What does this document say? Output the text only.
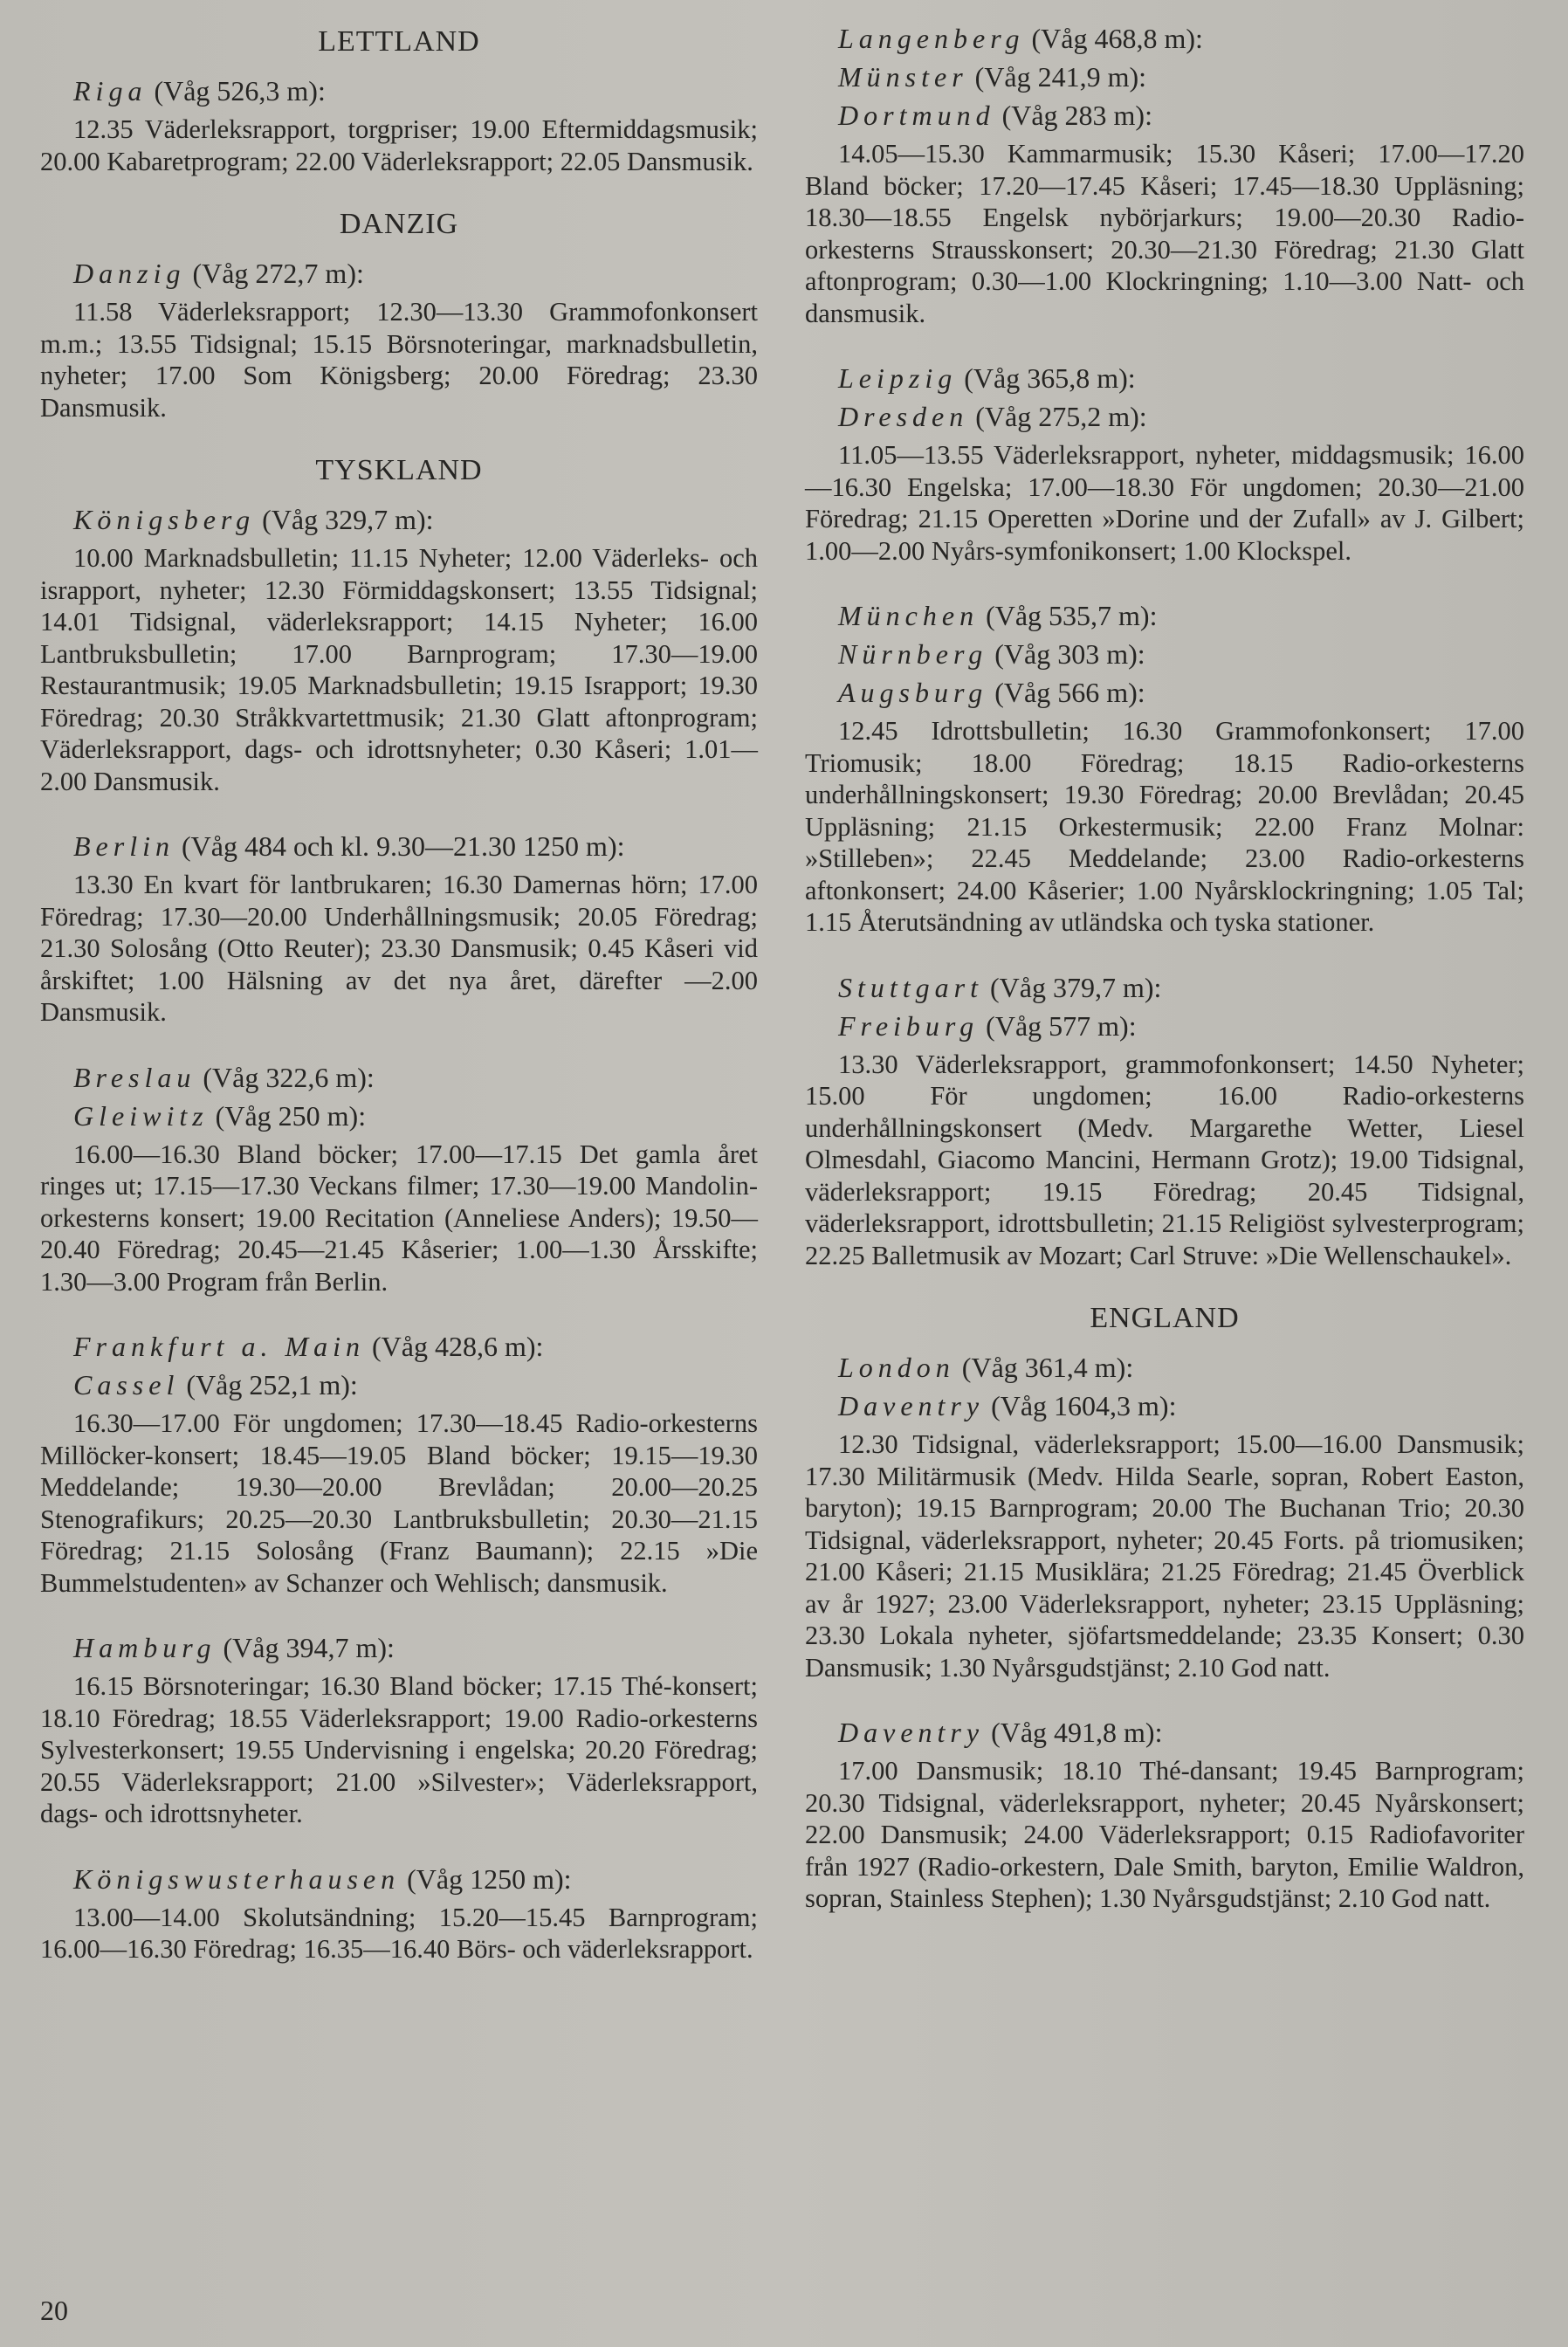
LETTLAND
Riga (Våg 526,3 m):

12.35 Väderleksrapport, torgpriser; 19.00 Eftermiddagsmusik; 20.00 Kabaretprogram; 22.00 Väderleksrapport; 22.05 Dansmusik.

DANZIG
Danzig (Våg 272,7 m):

11.58 Väderleksrapport; 12.30—13.30 Grammofonkonsert m.m.; 13.55 Tidsignal; 15.15 Börsnoteringar, marknadsbulletin, nyheter; 17.00 Som Königsberg; 20.00 Föredrag; 23.30 Dansmusik.

TYSKLAND
Königsberg (Våg 329,7 m):

10.00 Marknadsbulletin; 11.15 Nyheter; 12.00 Väderleks- och israpport, nyheter; 12.30 Förmiddagskonsert; 13.55 Tidsignal; 14.01 Tidsignal, väderleksrapport; 14.15 Nyheter; 16.00 Lantbruksbulletin; 17.00 Barnprogram; 17.30—19.00 Restaurantmusik; 19.05 Marknadsbulletin; 19.15 Israpport; 19.30 Föredrag; 20.30 Stråkkvartettmusik; 21.30 Glatt aftonprogram; Väderleksrapport, dags- och idrottsnyheter; 0.30 Kåseri; 1.01—2.00 Dansmusik.

Berlin (Våg 484 och kl. 9.30—21.30 1250 m):

13.30 En kvart för lantbrukaren; 16.30 Damernas hörn; 17.00 Föredrag; 17.30—20.00 Underhållningsmusik; 20.05 Föredrag; 21.30 Solosång (Otto Reuter); 23.30 Dansmusik; 0.45 Kåseri vid årskiftet; 1.00 Hälsning av det nya året, därefter —2.00 Dansmusik.

Breslau (Våg 322,6 m):
Gleiwitz (Våg 250 m):

16.00—16.30 Bland böcker; 17.00—17.15 Det gamla året ringes ut; 17.15—17.30 Veckans filmer; 17.30—19.00 Mandolin-orkesterns konsert; 19.00 Recitation (Anneliese Anders); 19.50—20.40 Föredrag; 20.45—21.45 Kåserier; 1.00—1.30 Årsskifte; 1.30—3.00 Program från Berlin.

Frankfurt a. Main (Våg 428,6 m):
Cassel (Våg 252,1 m):

16.30—17.00 För ungdomen; 17.30—18.45 Radio-orkesterns Millöcker-konsert; 18.45—19.05 Bland böcker; 19.15—19.30 Meddelande; 19.30—20.00 Brevlådan; 20.00—20.25 Stenografikurs; 20.25—20.30 Lantbruksbulletin; 20.30—21.15 Föredrag; 21.15 Solosång (Franz Baumann); 22.15 »Die Bummelstudenten» av Schanzer och Wehlisch; dansmusik.

Hamburg (Våg 394,7 m):

16.15 Börsnoteringar; 16.30 Bland böcker; 17.15 Thé-konsert; 18.10 Föredrag; 18.55 Väderleksrapport; 19.00 Radio-orkesterns Sylvesterkonsert; 19.55 Undervisning i engelska; 20.20 Föredrag; 20.55 Väderleksrapport; 21.00 »Silvester»; Väderleksrapport, dags- och idrottsnyheter.

Königswusterhausen (Våg 1250 m):

13.00—14.00 Skolutsändning; 15.20—15.45 Barnprogram; 16.00—16.30 Föredrag; 16.35—16.40 Börs- och väderleksrapport.

Langenberg (Våg 468,8 m):
Münster (Våg 241,9 m):
Dortmund (Våg 283 m):

14.05—15.30 Kammarmusik; 15.30 Kåseri; 17.00—17.20 Bland böcker; 17.20—17.45 Kåseri; 17.45—18.30 Uppläsning; 18.30—18.55 Engelsk nybörjarkurs; 19.00—20.30 Radio-orkesterns Strausskonsert; 20.30—21.30 Föredrag; 21.30 Glatt aftonprogram; 0.30—1.00 Klockringning; 1.10—3.00 Natt- och dansmusik.

Leipzig (Våg 365,8 m):
Dresden (Våg 275,2 m):

11.05—13.55 Väderleksrapport, nyheter, middagsmusik; 16.00—16.30 Engelska; 17.00—18.30 För ungdomen; 20.30—21.00 Föredrag; 21.15 Operetten »Dorine und der Zufall» av J. Gilbert; 1.00—2.00 Nyårs-symfonikonsert; 1.00 Klockspel.

München (Våg 535,7 m):
Nürnberg (Våg 303 m):
Augsburg (Våg 566 m):

12.45 Idrottsbulletin; 16.30 Grammofonkonsert; 17.00 Triomusik; 18.00 Föredrag; 18.15 Radio-orkesterns underhållningskonsert; 19.30 Föredrag; 20.00 Brevlådan; 20.45 Uppläsning; 21.15 Orkestermusik; 22.00 Franz Molnar: »Stilleben»; 22.45 Meddelande; 23.00 Radio-orkesterns aftonkonsert; 24.00 Kåserier; 1.00 Nyårsklockringning; 1.05 Tal; 1.15 Återutsändning av utländska och tyska stationer.

Stuttgart (Våg 379,7 m):
Freiburg (Våg 577 m):

13.30 Väderleksrapport, grammofonkonsert; 14.50 Nyheter; 15.00 För ungdomen; 16.00 Radio-orkesterns underhållningskonsert (Medv. Margarethe Wetter, Liesel Olmesdahl, Giacomo Mancini, Hermann Grotz); 19.00 Tidsignal, väderleksrapport; 19.15 Föredrag; 20.45 Tidsignal, väderleksrapport, idrottsbulletin; 21.15 Religiöst sylvesterprogram; 22.25 Balletmusik av Mozart; Carl Struve: »Die Wellenschaukel».

ENGLAND
London (Våg 361,4 m):
Daventry (Våg 1604,3 m):

12.30 Tidsignal, väderleksrapport; 15.00—16.00 Dansmusik; 17.30 Militärmusik (Medv. Hilda Searle, sopran, Robert Easton, baryton); 19.15 Barnprogram; 20.00 The Buchanan Trio; 20.30 Tidsignal, väderleksrapport, nyheter; 20.45 Forts. på triomusiken; 21.00 Kåseri; 21.15 Musiklära; 21.25 Föredrag; 21.45 Överblick av år 1927; 23.00 Väderleksrapport, nyheter; 23.15 Uppläsning; 23.30 Lokala nyheter, sjöfartsmeddelande; 23.35 Konsert; 0.30 Dansmusik; 1.30 Nyårsgudstjänst; 2.10 God natt.

Daventry (Våg 491,8 m):

17.00 Dansmusik; 18.10 Thé-dansant; 19.45 Barnprogram; 20.30 Tidsignal, väderleksrapport, nyheter; 20.45 Nyårskonsert; 22.00 Dansmusik; 24.00 Väderleksrapport; 0.15 Radiofavoriter från 1927 (Radio-orkestern, Dale Smith, baryton, Emilie Waldron, sopran, Stainless Stephen); 1.30 Nyårsgudstjänst; 2.10 God natt.

20
